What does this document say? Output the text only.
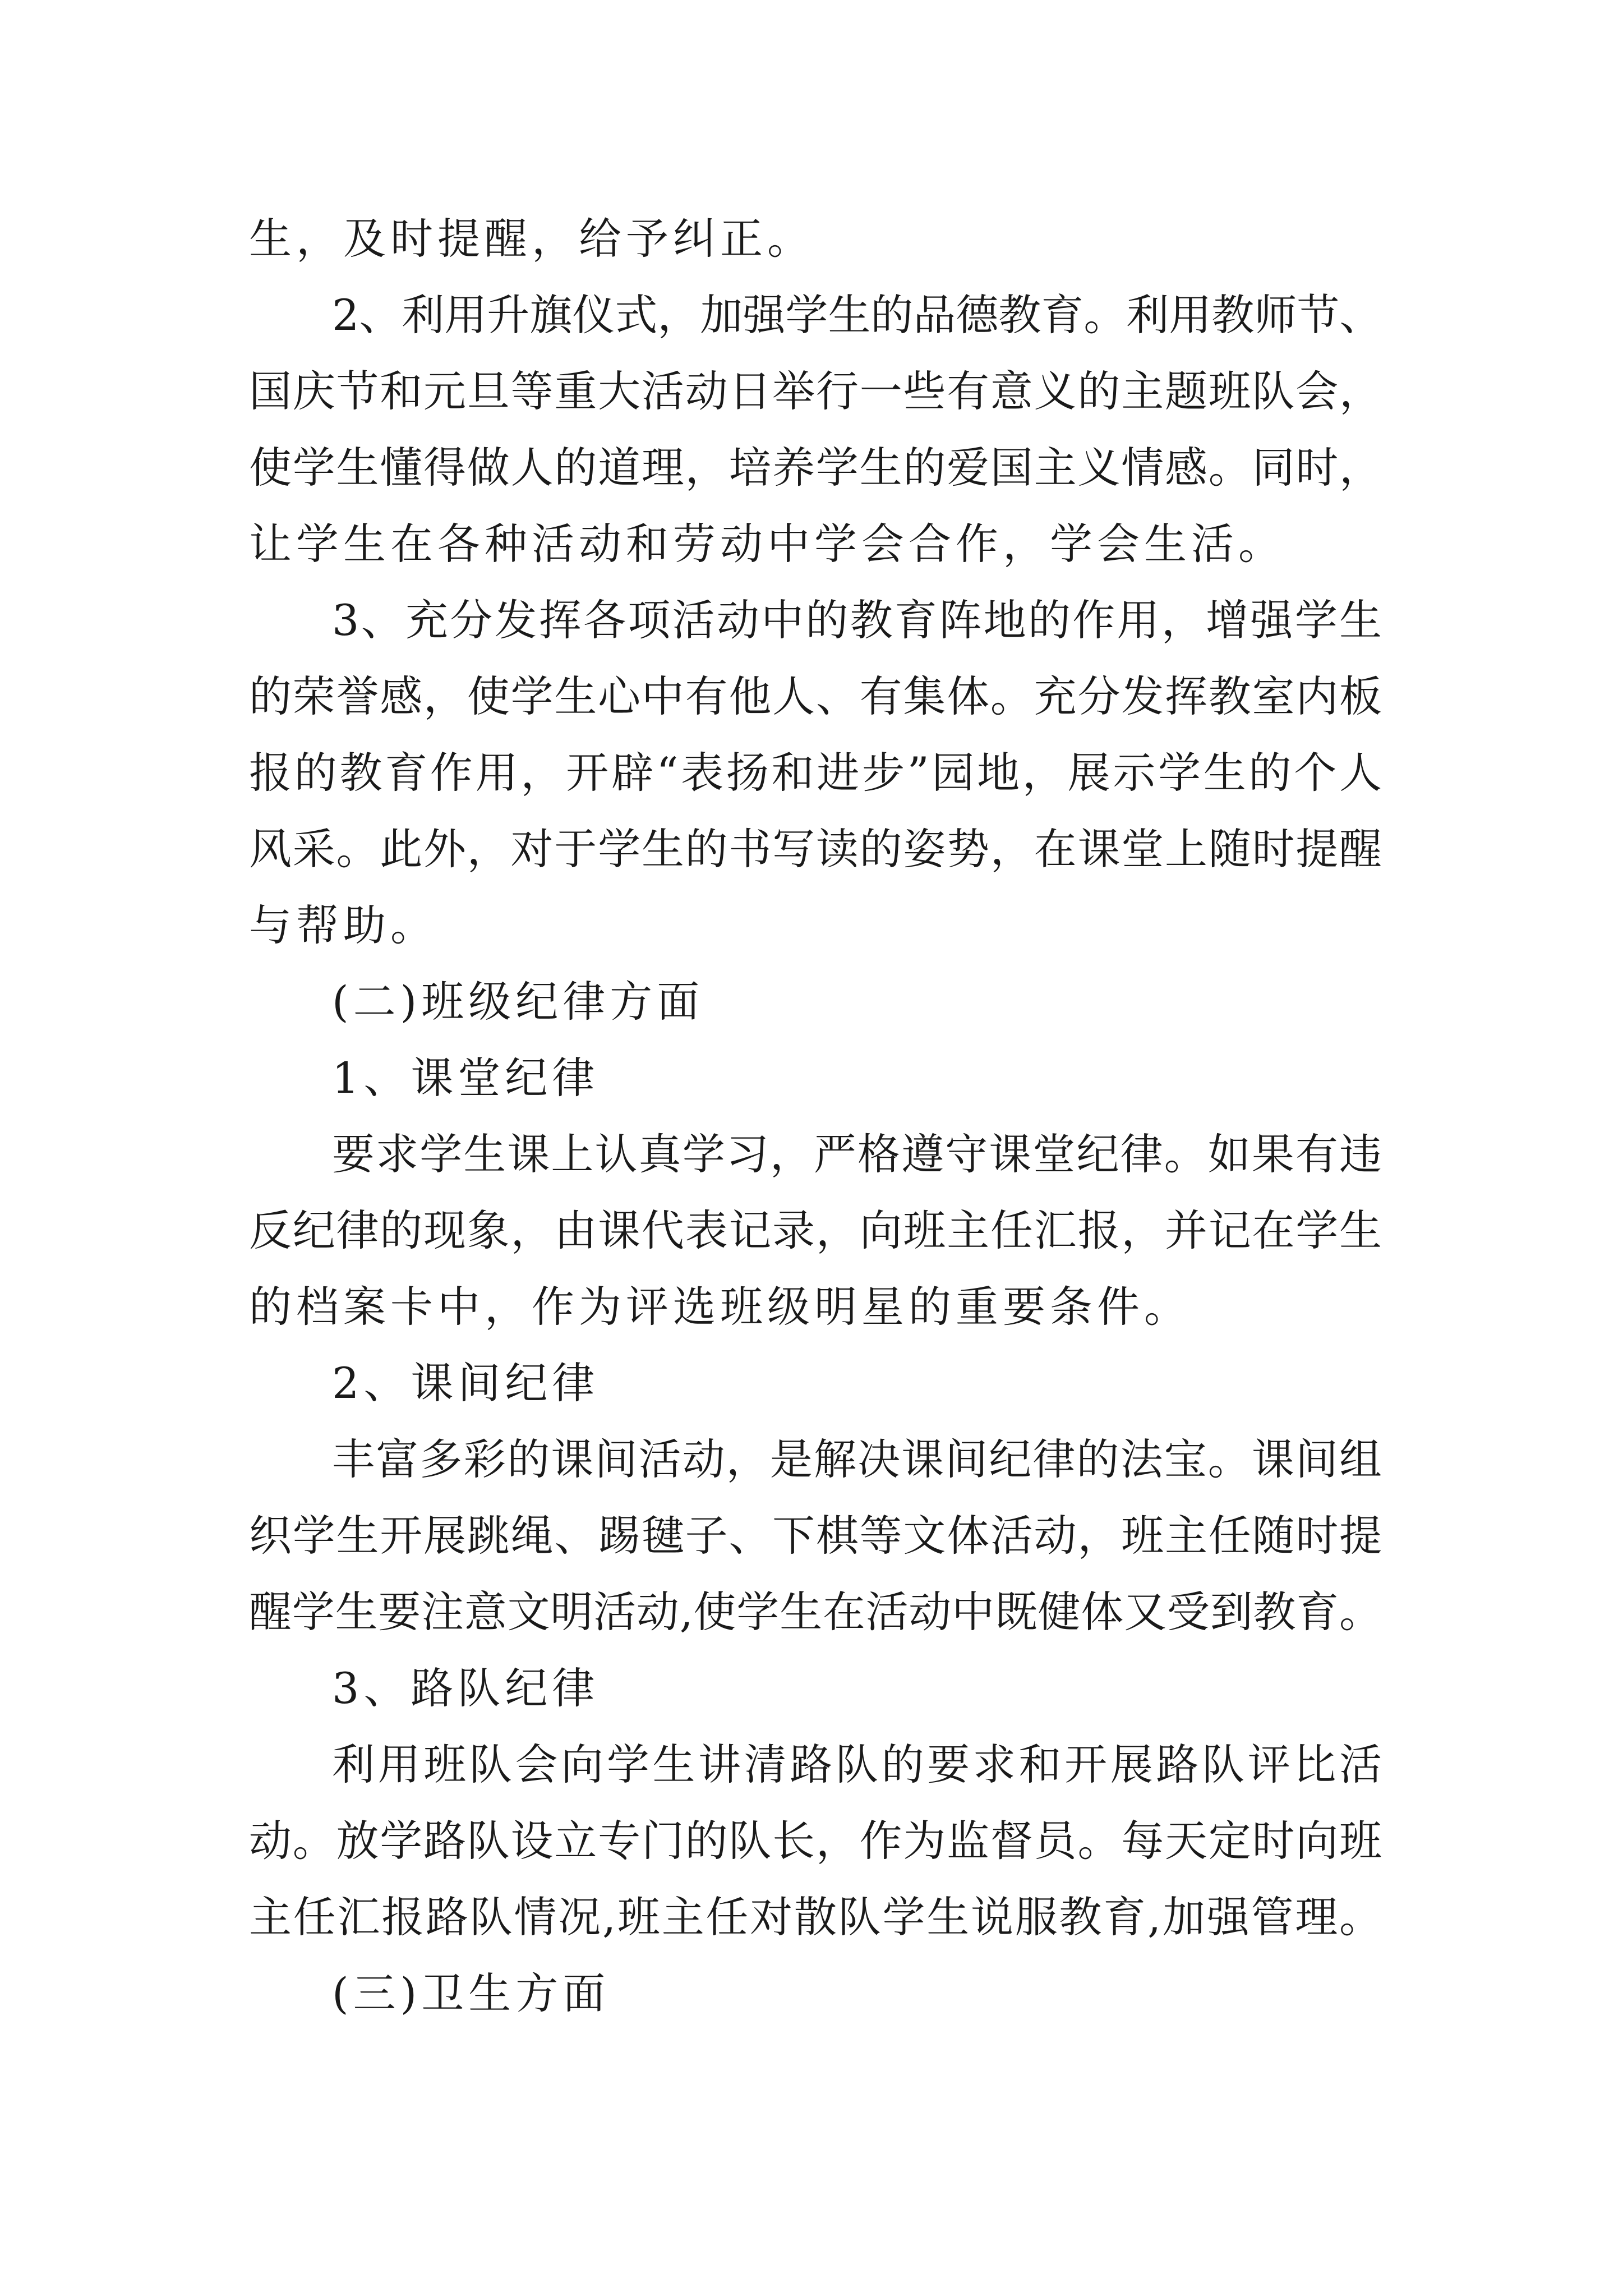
生，及时提醒，给予纠正。
2、利用升旗仪式，加强学生的品德教育。利用教师节、
国庆节和元旦等重大活动日举行一些有意义的主题班队会，
使学生懂得做人的道理，培养学生的爱国主义情感。同时，
让学生在各种活动和劳动中学会合作，学会生活。
3、充分发挥各项活动中的教育阵地的作用，增强学生
的荣誉感，使学生心中有他人、有集体。充分发挥教室内板
报的教育作用，开辟“表扬和进步”园地，展示学生的个人
风采。此外，对于学生的书写读的姿势，在课堂上随时提醒
与帮助。
(二)班级纪律方面
1、课堂纪律
要求学生课上认真学习，严格遵守课堂纪律。如果有违
反纪律的现象，由课代表记录，向班主任汇报，并记在学生
的档案卡中，作为评选班级明星的重要条件。
2、课间纪律
丰富多彩的课间活动，是解决课间纪律的法宝。课间组
织学生开展跳绳、踢毽子、下棋等文体活动，班主任随时提
醒学生要注意文明活动,使学生在活动中既健体又受到教育。
3、路队纪律
利用班队会向学生讲清路队的要求和开展路队评比活
动。放学路队设立专门的队长，作为监督员。每天定时向班
主任汇报路队情况,班主任对散队学生说服教育,加强管理。
(三)卫生方面
